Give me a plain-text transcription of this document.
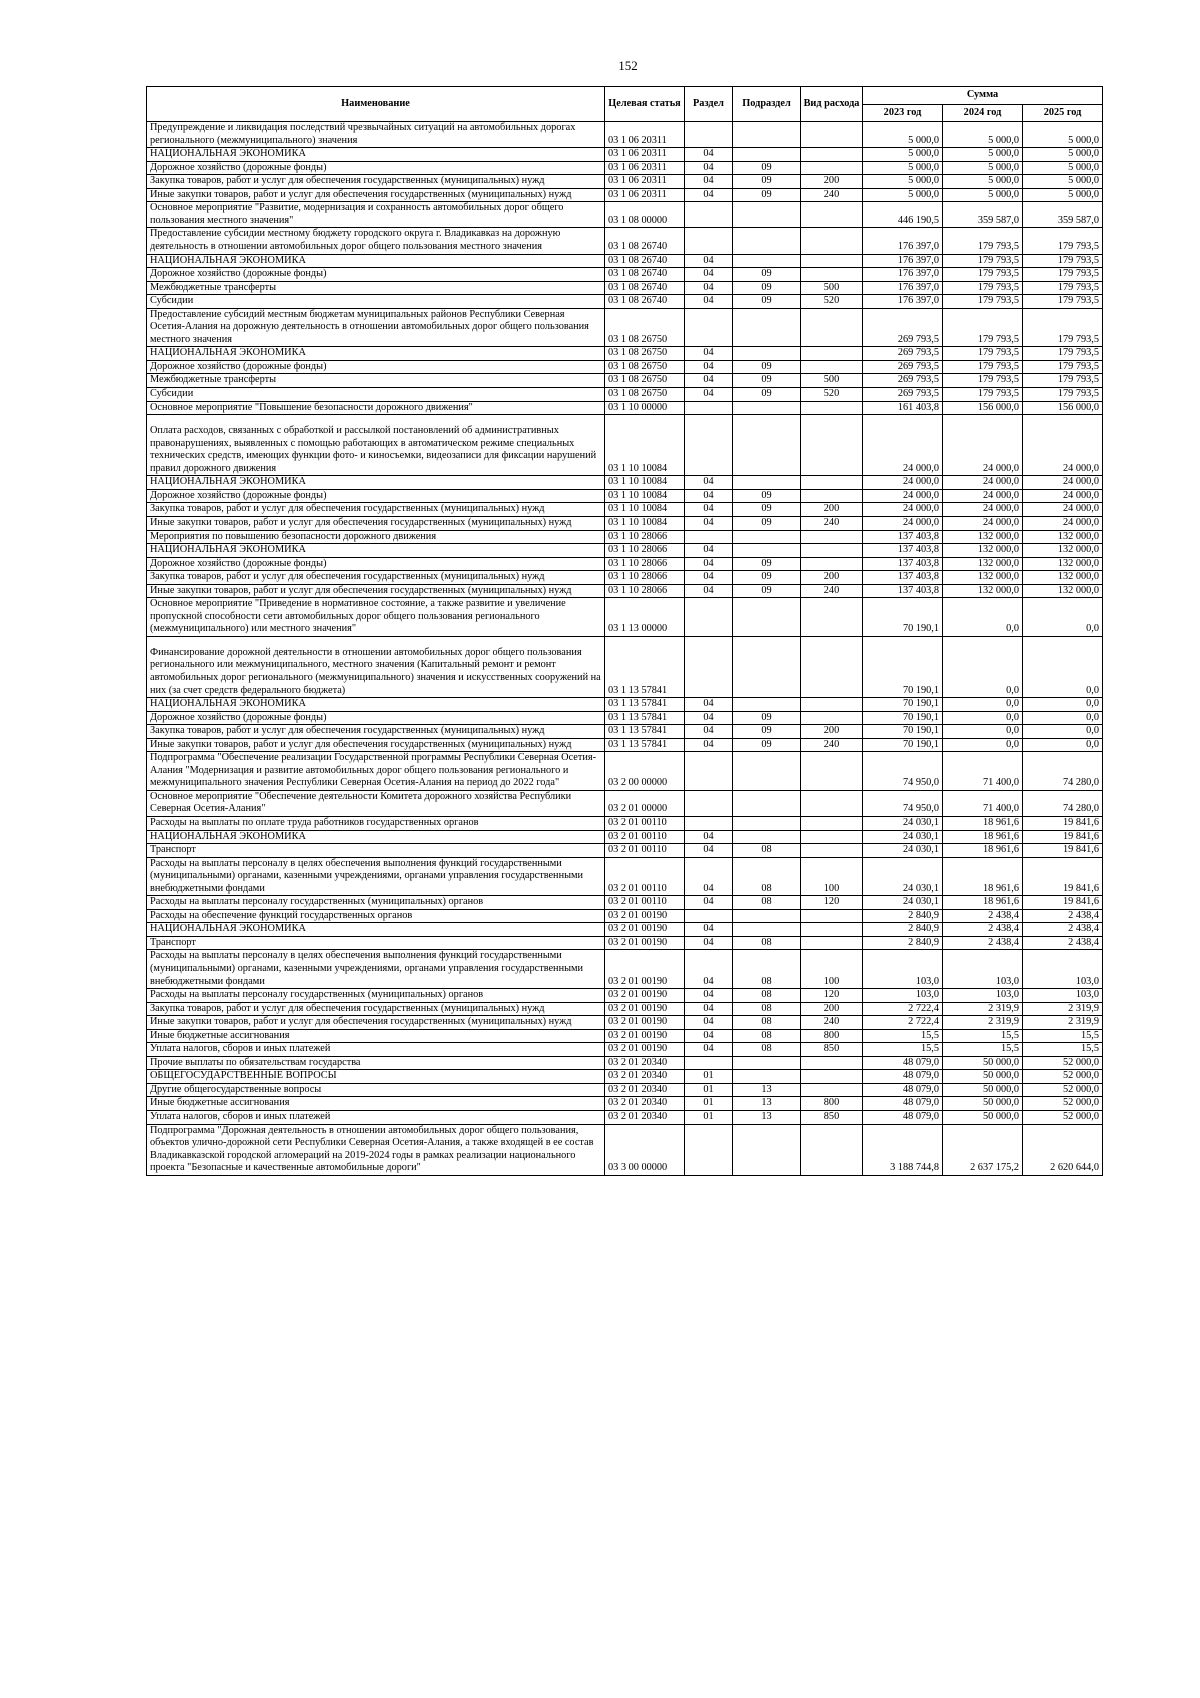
152
Наименование	Целевая статья	Раздел	Подраздел	Вид расхода	Сумма		
					2023 год	2024 год	2025 год
Предупреждение и ликвидация последствий чрезвычайных ситуаций на автомобильных дорогах регионального (межмуниципального) значения	03 1 06 20311				5 000,0	5 000,0	5 000,0
НАЦИОНАЛЬНАЯ ЭКОНОМИКА	03 1 06 20311	04			5 000,0	5 000,0	5 000,0
Дорожное хозяйство (дорожные фонды)	03 1 06 20311	04	09		5 000,0	5 000,0	5 000,0
Закупка товаров, работ и услуг для обеспечения государственных (муниципальных) нужд	03 1 06 20311	04	09	200	5 000,0	5 000,0	5 000,0
Иные закупки товаров, работ и услуг для обеспечения государственных (муниципальных) нужд	03 1 06 20311	04	09	240	5 000,0	5 000,0	5 000,0
Основное мероприятие "Развитие, модернизация и сохранность автомобильных дорог общего пользования местного значения"	03 1 08 00000				446 190,5	359 587,0	359 587,0
Предоставление субсидии местному бюджету городского округа г. Владикавказ на дорожную деятельность в отношении автомобильных дорог общего пользования местного значения	03 1 08 26740				176 397,0	179 793,5	179 793,5
НАЦИОНАЛЬНАЯ ЭКОНОМИКА	03 1 08 26740	04			176 397,0	179 793,5	179 793,5
Дорожное хозяйство (дорожные фонды)	03 1 08 26740	04	09		176 397,0	179 793,5	179 793,5
Межбюджетные трансферты	03 1 08 26740	04	09	500	176 397,0	179 793,5	179 793,5
Субсидии	03 1 08 26740	04	09	520	176 397,0	179 793,5	179 793,5
Предоставление субсидий местным бюджетам муниципальных районов Республики Северная Осетия-Алания на дорожную деятельность в отношении автомобильных дорог общего пользования местного значения	03 1 08 26750				269 793,5	179 793,5	179 793,5
НАЦИОНАЛЬНАЯ ЭКОНОМИКА	03 1 08 26750	04			269 793,5	179 793,5	179 793,5
Дорожное хозяйство (дорожные фонды)	03 1 08 26750	04	09		269 793,5	179 793,5	179 793,5
Межбюджетные трансферты	03 1 08 26750	04	09	500	269 793,5	179 793,5	179 793,5
Субсидии	03 1 08 26750	04	09	520	269 793,5	179 793,5	179 793,5
Основное мероприятие "Повышение безопасности дорожного движения"	03 1 10 00000				161 403,8	156 000,0	156 000,0
Оплата расходов, связанных с обработкой и рассылкой постановлений об административных правонарушениях, выявленных с помощью работающих в автоматическом режиме специальных технических средств, имеющих функции фото- и киносъемки, видеозаписи для фиксации нарушений правил дорожного движения	03 1 10 10084				24 000,0	24 000,0	24 000,0
НАЦИОНАЛЬНАЯ ЭКОНОМИКА	03 1 10 10084	04			24 000,0	24 000,0	24 000,0
Дорожное хозяйство (дорожные фонды)	03 1 10 10084	04	09		24 000,0	24 000,0	24 000,0
Закупка товаров, работ и услуг для обеспечения государственных (муниципальных) нужд	03 1 10 10084	04	09	200	24 000,0	24 000,0	24 000,0
Иные закупки товаров, работ и услуг для обеспечения государственных (муниципальных) нужд	03 1 10 10084	04	09	240	24 000,0	24 000,0	24 000,0
Мероприятия по повышению безопасности дорожного движения	03 1 10 28066				137 403,8	132 000,0	132 000,0
НАЦИОНАЛЬНАЯ ЭКОНОМИКА	03 1 10 28066	04			137 403,8	132 000,0	132 000,0
Дорожное хозяйство (дорожные фонды)	03 1 10 28066	04	09		137 403,8	132 000,0	132 000,0
Закупка товаров, работ и услуг для обеспечения государственных (муниципальных) нужд	03 1 10 28066	04	09	200	137 403,8	132 000,0	132 000,0
Иные закупки товаров, работ и услуг для обеспечения государственных (муниципальных) нужд	03 1 10 28066	04	09	240	137 403,8	132 000,0	132 000,0
Основное мероприятие "Приведение в нормативное состояние, а также развитие и увеличение пропускной способности сети автомобильных дорог общего пользования регионального (межмуниципального) или местного значения"	03 1 13 00000				70 190,1	0,0	0,0
Финансирование дорожной деятельности в отношении автомобильных дорог общего пользования регионального или межмуниципального, местного значения (Капитальный ремонт и ремонт автомобильных дорог регионального (межмуниципального) значения и искусственных сооружений на них (за счет средств федерального бюджета)	03 1 13 57841				70 190,1	0,0	0,0
НАЦИОНАЛЬНАЯ ЭКОНОМИКА	03 1 13 57841	04			70 190,1	0,0	0,0
Дорожное хозяйство (дорожные фонды)	03 1 13 57841	04	09		70 190,1	0,0	0,0
Закупка товаров, работ и услуг для обеспечения государственных (муниципальных) нужд	03 1 13 57841	04	09	200	70 190,1	0,0	0,0
Иные закупки товаров, работ и услуг для обеспечения государственных (муниципальных) нужд	03 1 13 57841	04	09	240	70 190,1	0,0	0,0
Подпрограмма "Обеспечение реализации Государственной программы Республики Северная Осетия-Алания "Модернизация и развитие автомобильных дорог общего пользования регионального и межмуниципального значения Республики Северная Осетия-Алания на период до 2022 года"	03 2 00 00000				74 950,0	71 400,0	74 280,0
Основное мероприятие "Обеспечение деятельности Комитета дорожного хозяйства Республики Северная Осетия-Алания"	03 2 01 00000				74 950,0	71 400,0	74 280,0
Расходы на выплаты по оплате труда работников государственных органов	03 2 01 00110				24 030,1	18 961,6	19 841,6
НАЦИОНАЛЬНАЯ ЭКОНОМИКА	03 2 01 00110	04			24 030,1	18 961,6	19 841,6
Транспорт	03 2 01 00110	04	08		24 030,1	18 961,6	19 841,6
Расходы на выплаты персоналу в целях обеспечения выполнения функций государственными (муниципальными) органами, казенными учреждениями, органами управления государственными внебюджетными фондами	03 2 01 00110	04	08	100	24 030,1	18 961,6	19 841,6
Расходы на выплаты персоналу государственных (муниципальных) органов	03 2 01 00110	04	08	120	24 030,1	18 961,6	19 841,6
Расходы на обеспечение функций государственных органов	03 2 01 00190				2 840,9	2 438,4	2 438,4
НАЦИОНАЛЬНАЯ ЭКОНОМИКА	03 2 01 00190	04			2 840,9	2 438,4	2 438,4
Транспорт	03 2 01 00190	04	08		2 840,9	2 438,4	2 438,4
Расходы на выплаты персоналу в целях обеспечения выполнения функций государственными (муниципальными) органами, казенными учреждениями, органами управления государственными внебюджетными фондами	03 2 01 00190	04	08	100	103,0	103,0	103,0
Расходы на выплаты персоналу государственных (муниципальных) органов	03 2 01 00190	04	08	120	103,0	103,0	103,0
Закупка товаров, работ и услуг для обеспечения государственных (муниципальных) нужд	03 2 01 00190	04	08	200	2 722,4	2 319,9	2 319,9
Иные закупки товаров, работ и услуг для обеспечения государственных (муниципальных) нужд	03 2 01 00190	04	08	240	2 722,4	2 319,9	2 319,9
Иные бюджетные ассигнования	03 2 01 00190	04	08	800	15,5	15,5	15,5
Уплата налогов, сборов и иных платежей	03 2 01 00190	04	08	850	15,5	15,5	15,5
Прочие выплаты по обязательствам государства	03 2 01 20340				48 079,0	50 000,0	52 000,0
ОБЩЕГОСУДАРСТВЕННЫЕ ВОПРОСЫ	03 2 01 20340	01			48 079,0	50 000,0	52 000,0
Другие общегосударственные вопросы	03 2 01 20340	01	13		48 079,0	50 000,0	52 000,0
Иные бюджетные ассигнования	03 2 01 20340	01	13	800	48 079,0	50 000,0	52 000,0
Уплата налогов, сборов и иных платежей	03 2 01 20340	01	13	850	48 079,0	50 000,0	52 000,0
Подпрограмма "Дорожная деятельность в отношении автомобильных дорог общего пользования, объектов улично-дорожной сети Республики Северная Осетия-Алания, а также входящей в ее состав Владикавказской городской агломераций на 2019-2024 годы в рамках реализации национального проекта "Безопасные и качественные автомобильные дороги"	03 3 00 00000				3 188 744,8	2 637 175,2	2 620 644,0
